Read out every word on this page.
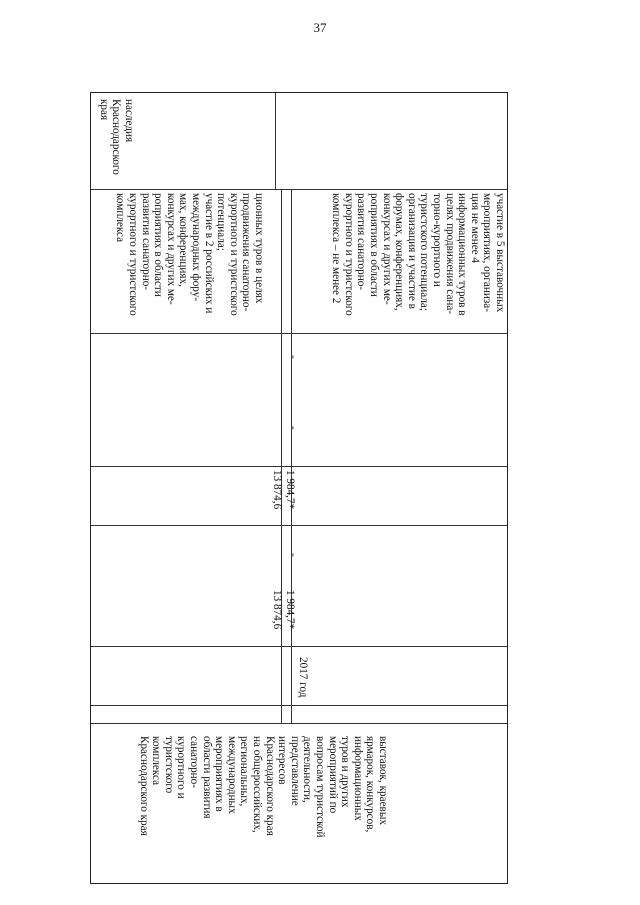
37
выставок, краевых
ярмарок, конкурсов,
информационных
туров и других
мероприятий по
вопросам туристской
деятельности,
представление
интересов
Краснодарского края
на общероссийских,
региональных,
международных
мероприятиях в
области развития
санаторно-
курортного и
туристского
комплекса
Краснодарского края
2017 год
1 984,7*
13 874,6
-
1 984,7*
13 874,6
-
-
ционных туров в целях
продвижения санаторно-
курортного и туристского
потенциала;
участие в 2 российских и
международных фору-
мах, конференциях,
конкурсах и других ме-
роприятиях в области
развития санаторно-
курортного и туристского
комплекса	участие в 5 выставочных
мероприятиях, организа-
ция не менее 4
информационных туров в
целях продвижения сана-
торно-курортного и
туристского потенциала;
организация и участие в
форумах, конференциях,
конкурсах и других ме-
роприятиях в области
развития санаторно-
курортного и туристского
комплекса – не менее 2
наследия
Краснодарского
края
